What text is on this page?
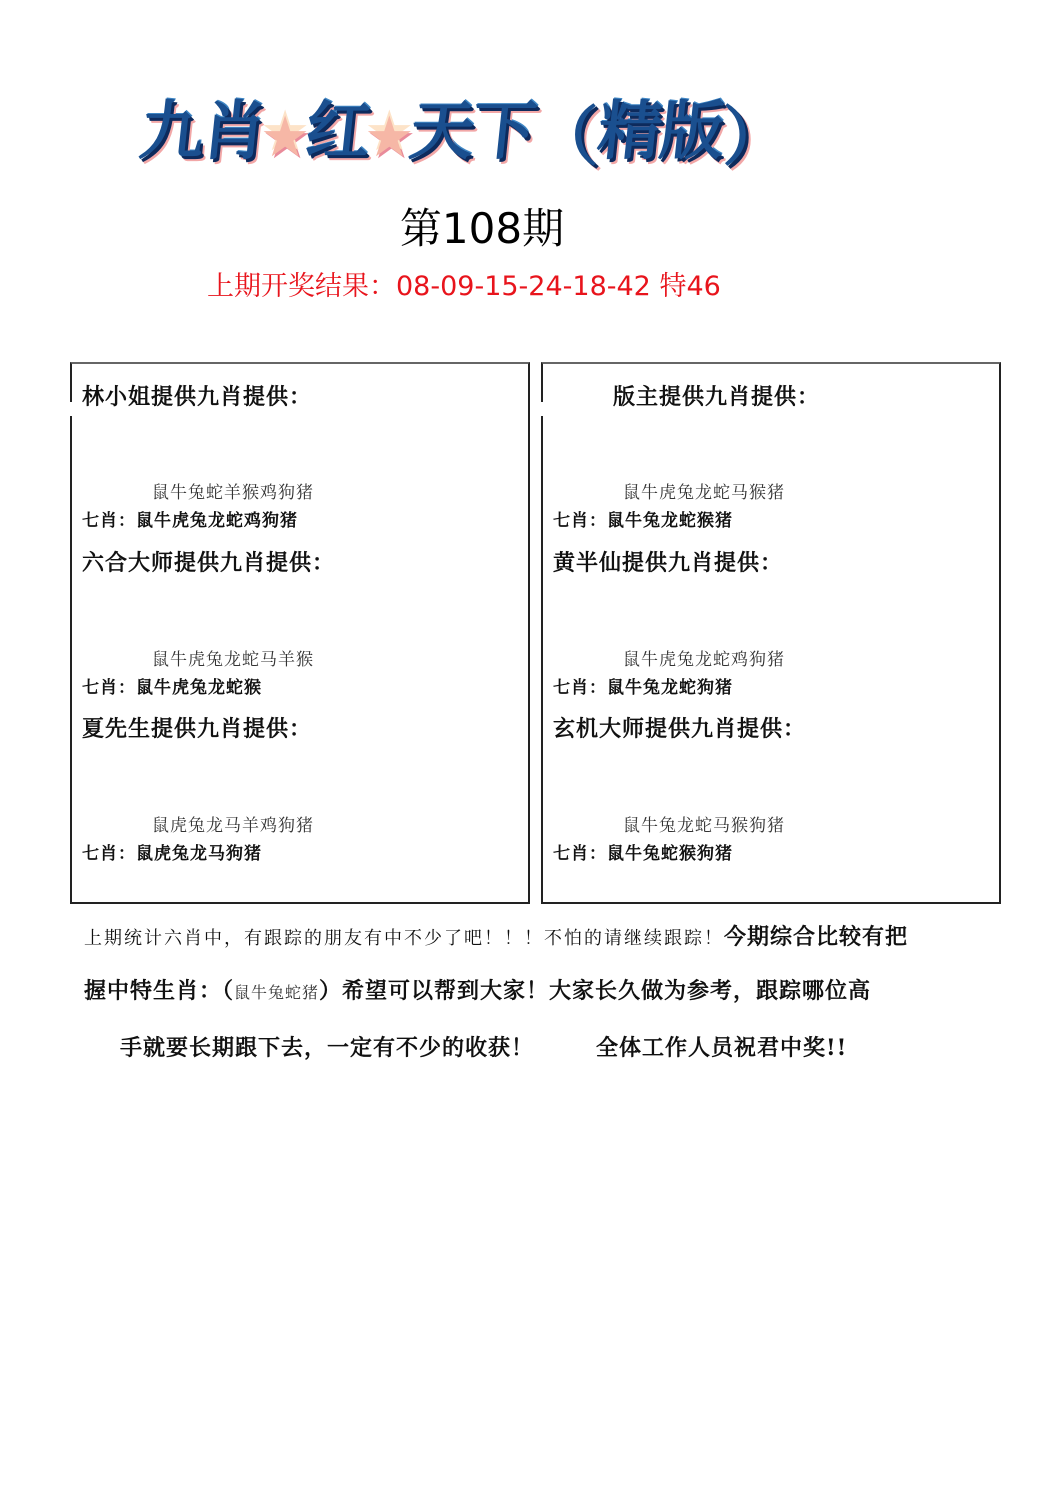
九
肖
★
红
★
天
下
（
精
版
）
第108期
上期开奖结果：08-09-15-24-18-42 特46
林小姐提供九肖提供：
鼠牛兔蛇羊猴鸡狗猪
七肖：鼠牛虎兔龙蛇鸡狗猪
六合大师提供九肖提供：
鼠牛虎兔龙蛇马羊猴
七肖：鼠牛虎兔龙蛇猴
夏先生提供九肖提供：
鼠虎兔龙马羊鸡狗猪
七肖：鼠虎兔龙马狗猪
版主提供九肖提供：
鼠牛虎兔龙蛇马猴猪
七肖：鼠牛兔龙蛇猴猪
黄半仙提供九肖提供：
鼠牛虎兔龙蛇鸡狗猪
七肖：鼠牛兔龙蛇狗猪
玄机大师提供九肖提供：
鼠牛兔龙蛇马猴狗猪
七肖：鼠牛兔蛇猴狗猪
上期统计六肖中，有跟踪的朋友有中不少了吧！！！不怕的请继续跟踪！今期综合比较有把
握中特生肖：（鼠牛兔蛇猪）希望可以帮到大家！大家长久做为参考，跟踪哪位高
手就要长期跟下去，一定有不少的收获！	全体工作人员祝君中奖!!
